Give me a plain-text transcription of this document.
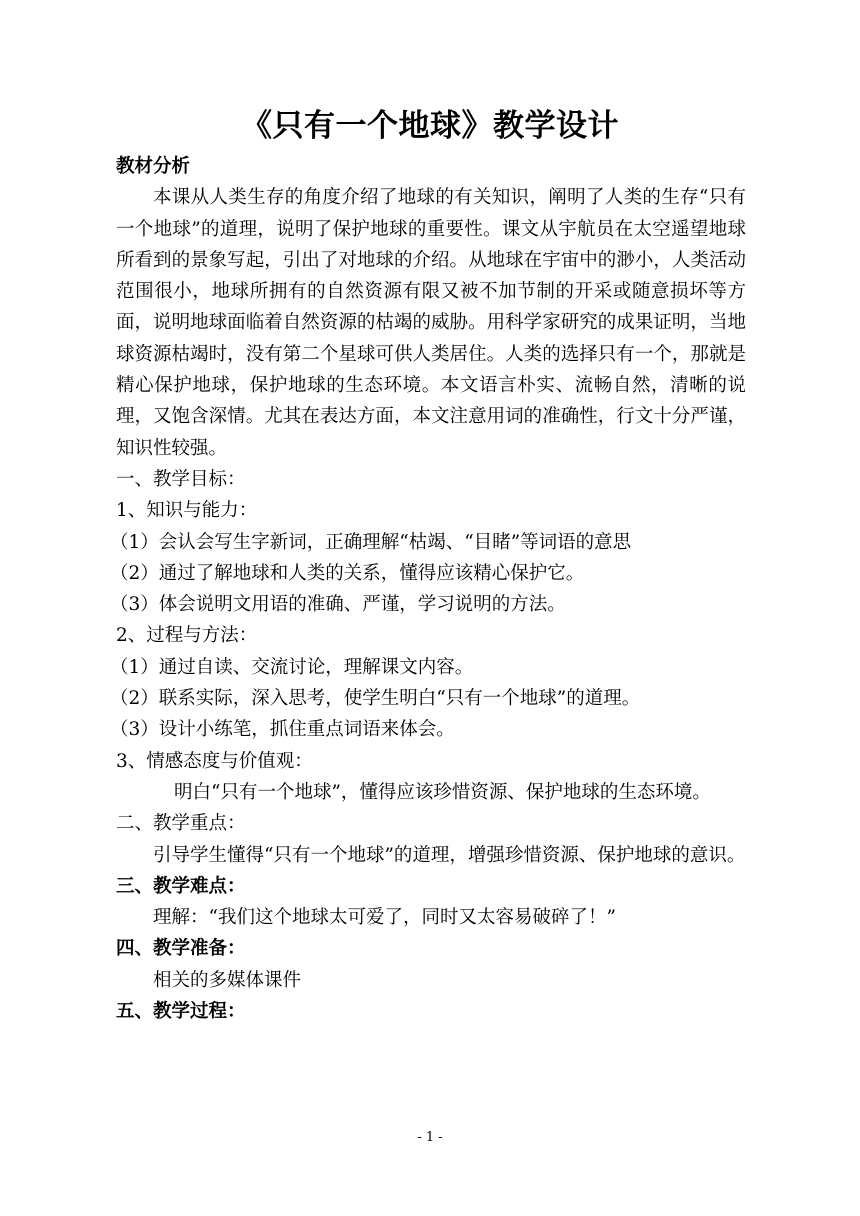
《只有一个地球》教学设计
教材分析
本课从人类生存的角度介绍了地球的有关知识，阐明了人类的生存“只有一个地球”的道理，说明了保护地球的重要性。课文从宇航员在太空遥望地球所看到的景象写起，引出了对地球的介绍。从地球在宇宙中的渺小，人类活动范围很小，地球所拥有的自然资源有限又被不加节制的开采或随意损坏等方面，说明地球面临着自然资源的枯竭的威胁。用科学家研究的成果证明，当地球资源枯竭时，没有第二个星球可供人类居住。人类的选择只有一个，那就是精心保护地球，保护地球的生态环境。本文语言朴实、流畅自然，清晰的说理，又饱含深情。尤其在表达方面，本文注意用词的准确性，行文十分严谨，知识性较强。
一、教学目标：
1、知识与能力：
（1）会认会写生字新词，正确理解“枯竭、“目睹”等词语的意思
（2）通过了解地球和人类的关系，懂得应该精心保护它。
（3）体会说明文用语的准确、严谨，学习说明的方法。
2、过程与方法：
（1）通过自读、交流讨论，理解课文内容。
（2）联系实际，深入思考，使学生明白“只有一个地球”的道理。
（3）设计小练笔，抓住重点词语来体会。
3、情感态度与价值观：
明白“只有一个地球”，懂得应该珍惜资源、保护地球的生态环境。
二、教学重点：
引导学生懂得“只有一个地球”的道理，增强珍惜资源、保护地球的意识。
三、教学难点：
理解：“我们这个地球太可爱了，同时又太容易破碎了！”
四、教学准备：
相关的多媒体课件
五、教学过程：
- 1 -
